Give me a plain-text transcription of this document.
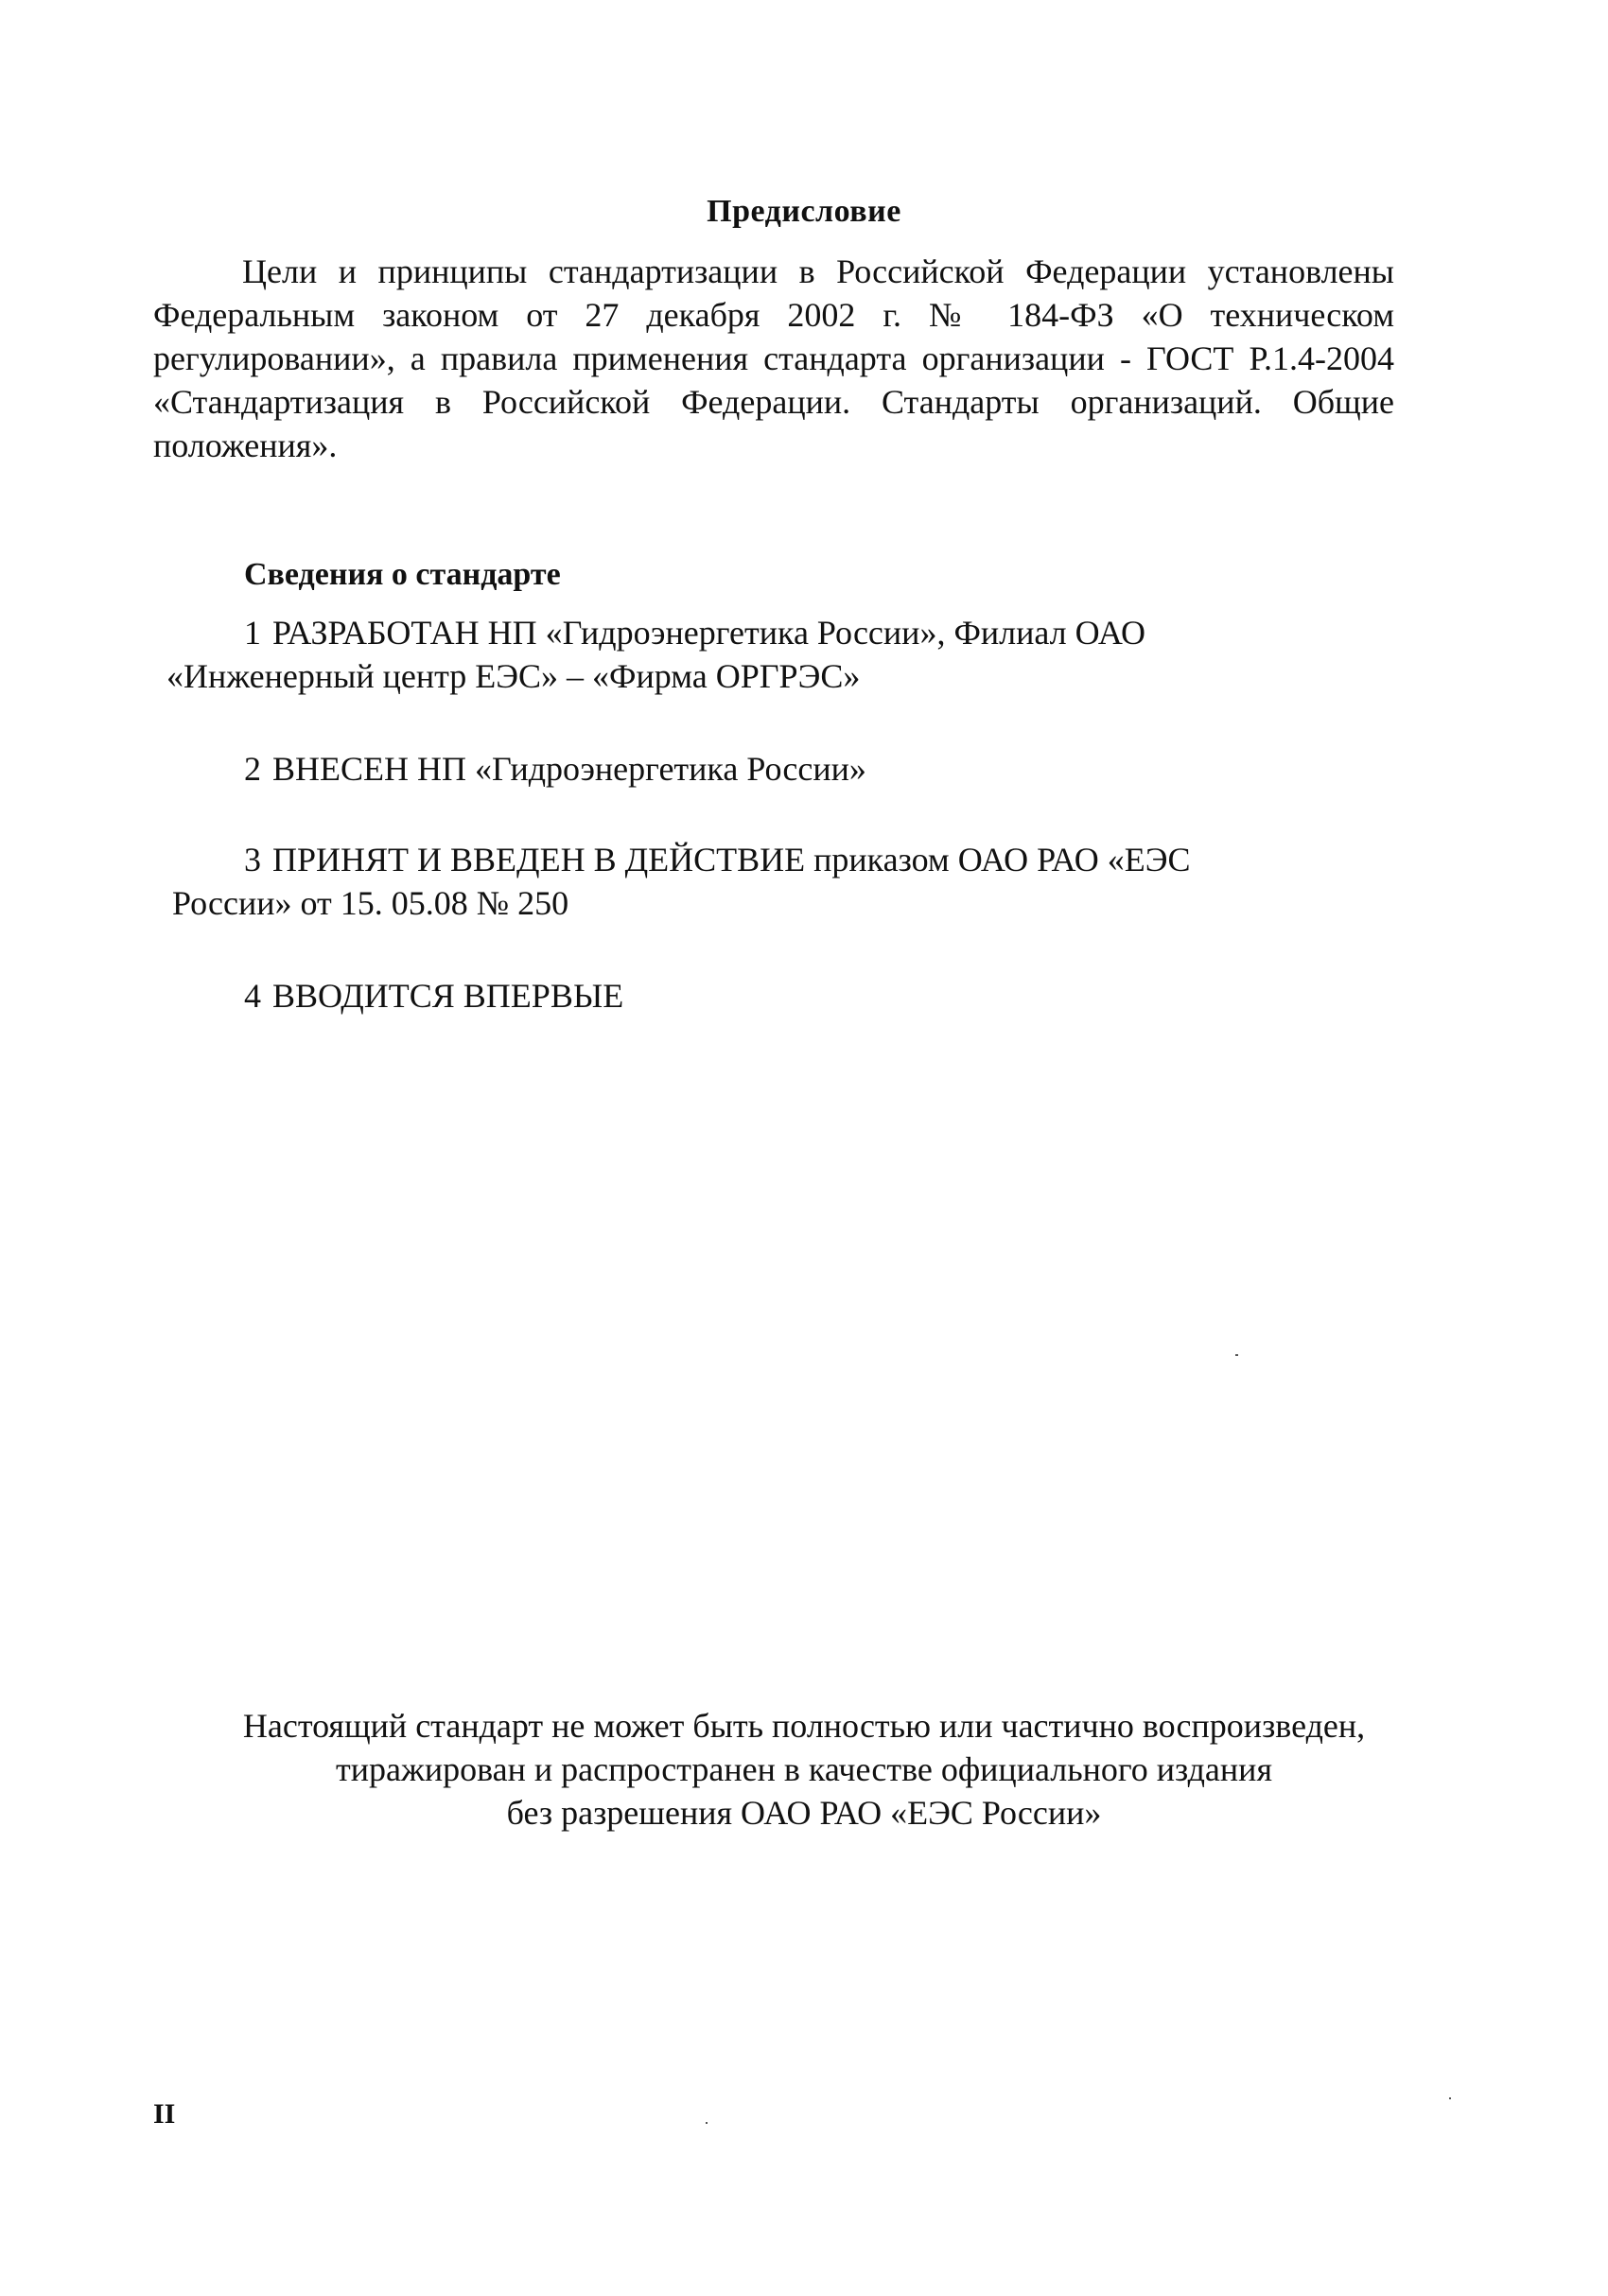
Предисловие

Цели и принципы стандартизации в Российской Федерации установлены Федеральным законом от 27 декабря 2002 г. № 184-ФЗ «О техническом регулировании», а правила применения стандарта организации - ГОСТ Р.1.4-2004 «Стандартизация в Российской Федерации. Стандарты организаций. Общие положения».

Сведения о стандарте

1 РАЗРАБОТАН НП «Гидроэнергетика России», Филиал ОАО
«Инженерный центр ЕЭС» – «Фирма ОРГРЭС»

2 ВНЕСЕН НП «Гидроэнергетика России»

3 ПРИНЯТ И ВВЕДЕН В ДЕЙСТВИЕ приказом ОАО РАО «ЕЭС
России» от 15. 05.08 № 250

4 ВВОДИТСЯ ВПЕРВЫЕ

Настоящий стандарт не может быть полностью или частично воспроизведен,
тиражирован и распространен в качестве официального издания
без разрешения ОАО РАО «ЕЭС России»

II
